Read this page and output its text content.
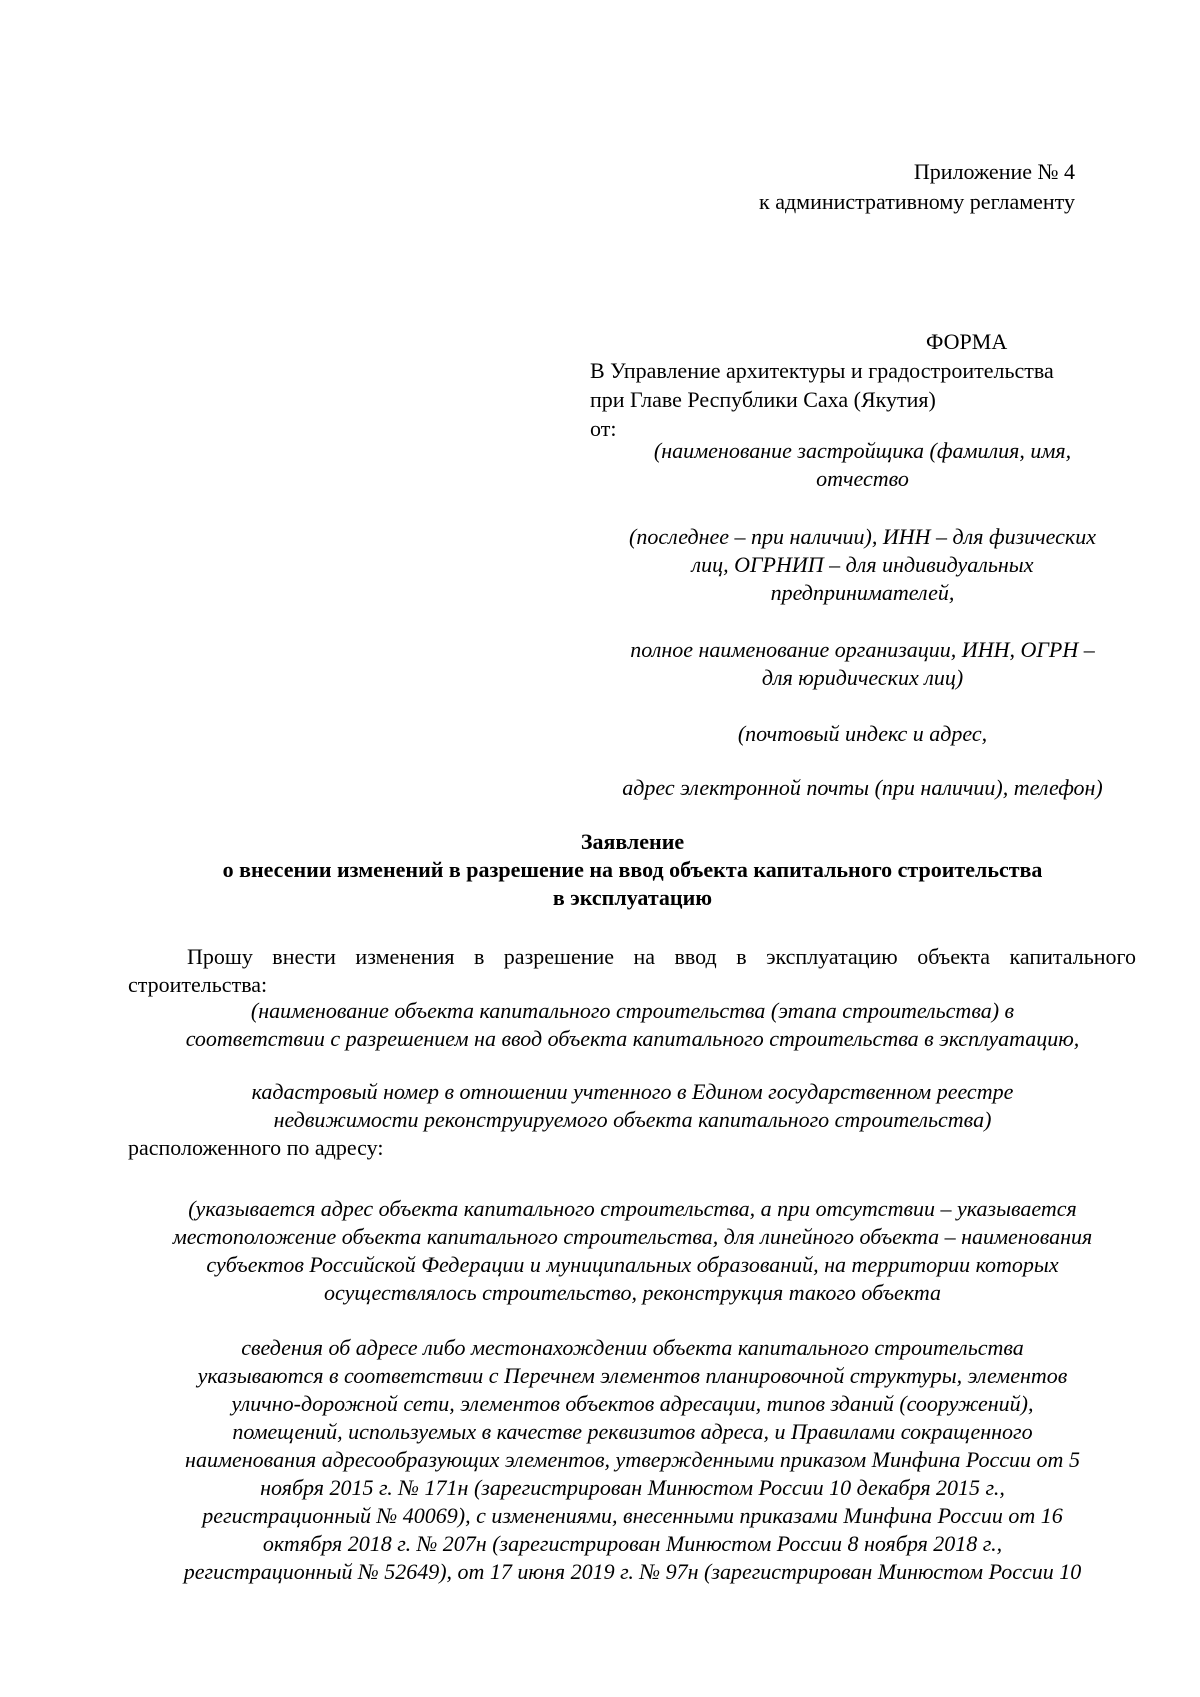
Приложение № 4
к административному регламенту
ФОРМА
В Управление архитектуры и градостроительства
при Главе Республики Саха (Якутия)
от:
(наименование застройщика (фамилия, имя,
отчество
(последнее – при наличии), ИНН – для физических
лиц, ОГРНИП – для индивидуальных
предпринимателей,
полное наименование организации, ИНН, ОГРН –
для юридических лиц)
(почтовый индекс и адрес,
адрес электронной почты (при наличии), телефон)
Заявление
о внесении изменений в разрешение на ввод объекта капитального строительства
в эксплуатацию
Прошу внести изменения в разрешение на ввод в эксплуатацию объекта капитального строительства:
(наименование объекта капитального строительства (этапа строительства) в
соответствии с разрешением на ввод объекта капитального строительства в эксплуатацию,
кадастровый номер в отношении учтенного в Едином государственном реестре
недвижимости реконструируемого объекта капитального строительства)
расположенного по адресу:
(указывается адрес объекта капитального строительства, а при отсутствии – указывается
местоположение объекта капитального строительства, для линейного объекта – наименования
субъектов Российской Федерации и муниципальных образований, на территории которых
осуществлялось строительство, реконструкция такого объекта
сведения об адресе либо местонахождении объекта капитального строительства
указываются в соответствии с Перечнем элементов планировочной структуры, элементов
улично-дорожной сети, элементов объектов адресации, типов зданий (сооружений),
помещений, используемых в качестве реквизитов адреса, и Правилами сокращенного
наименования адресообразующих элементов, утвержденными приказом Минфина России от 5
ноября 2015 г. № 171н (зарегистрирован Минюстом России 10 декабря 2015 г.,
регистрационный № 40069), с изменениями, внесенными приказами Минфина России от 16
октября 2018 г. № 207н (зарегистрирован Минюстом России 8 ноября 2018 г.,
регистрационный № 52649), от 17 июня 2019 г. № 97н (зарегистрирован Минюстом России 10
